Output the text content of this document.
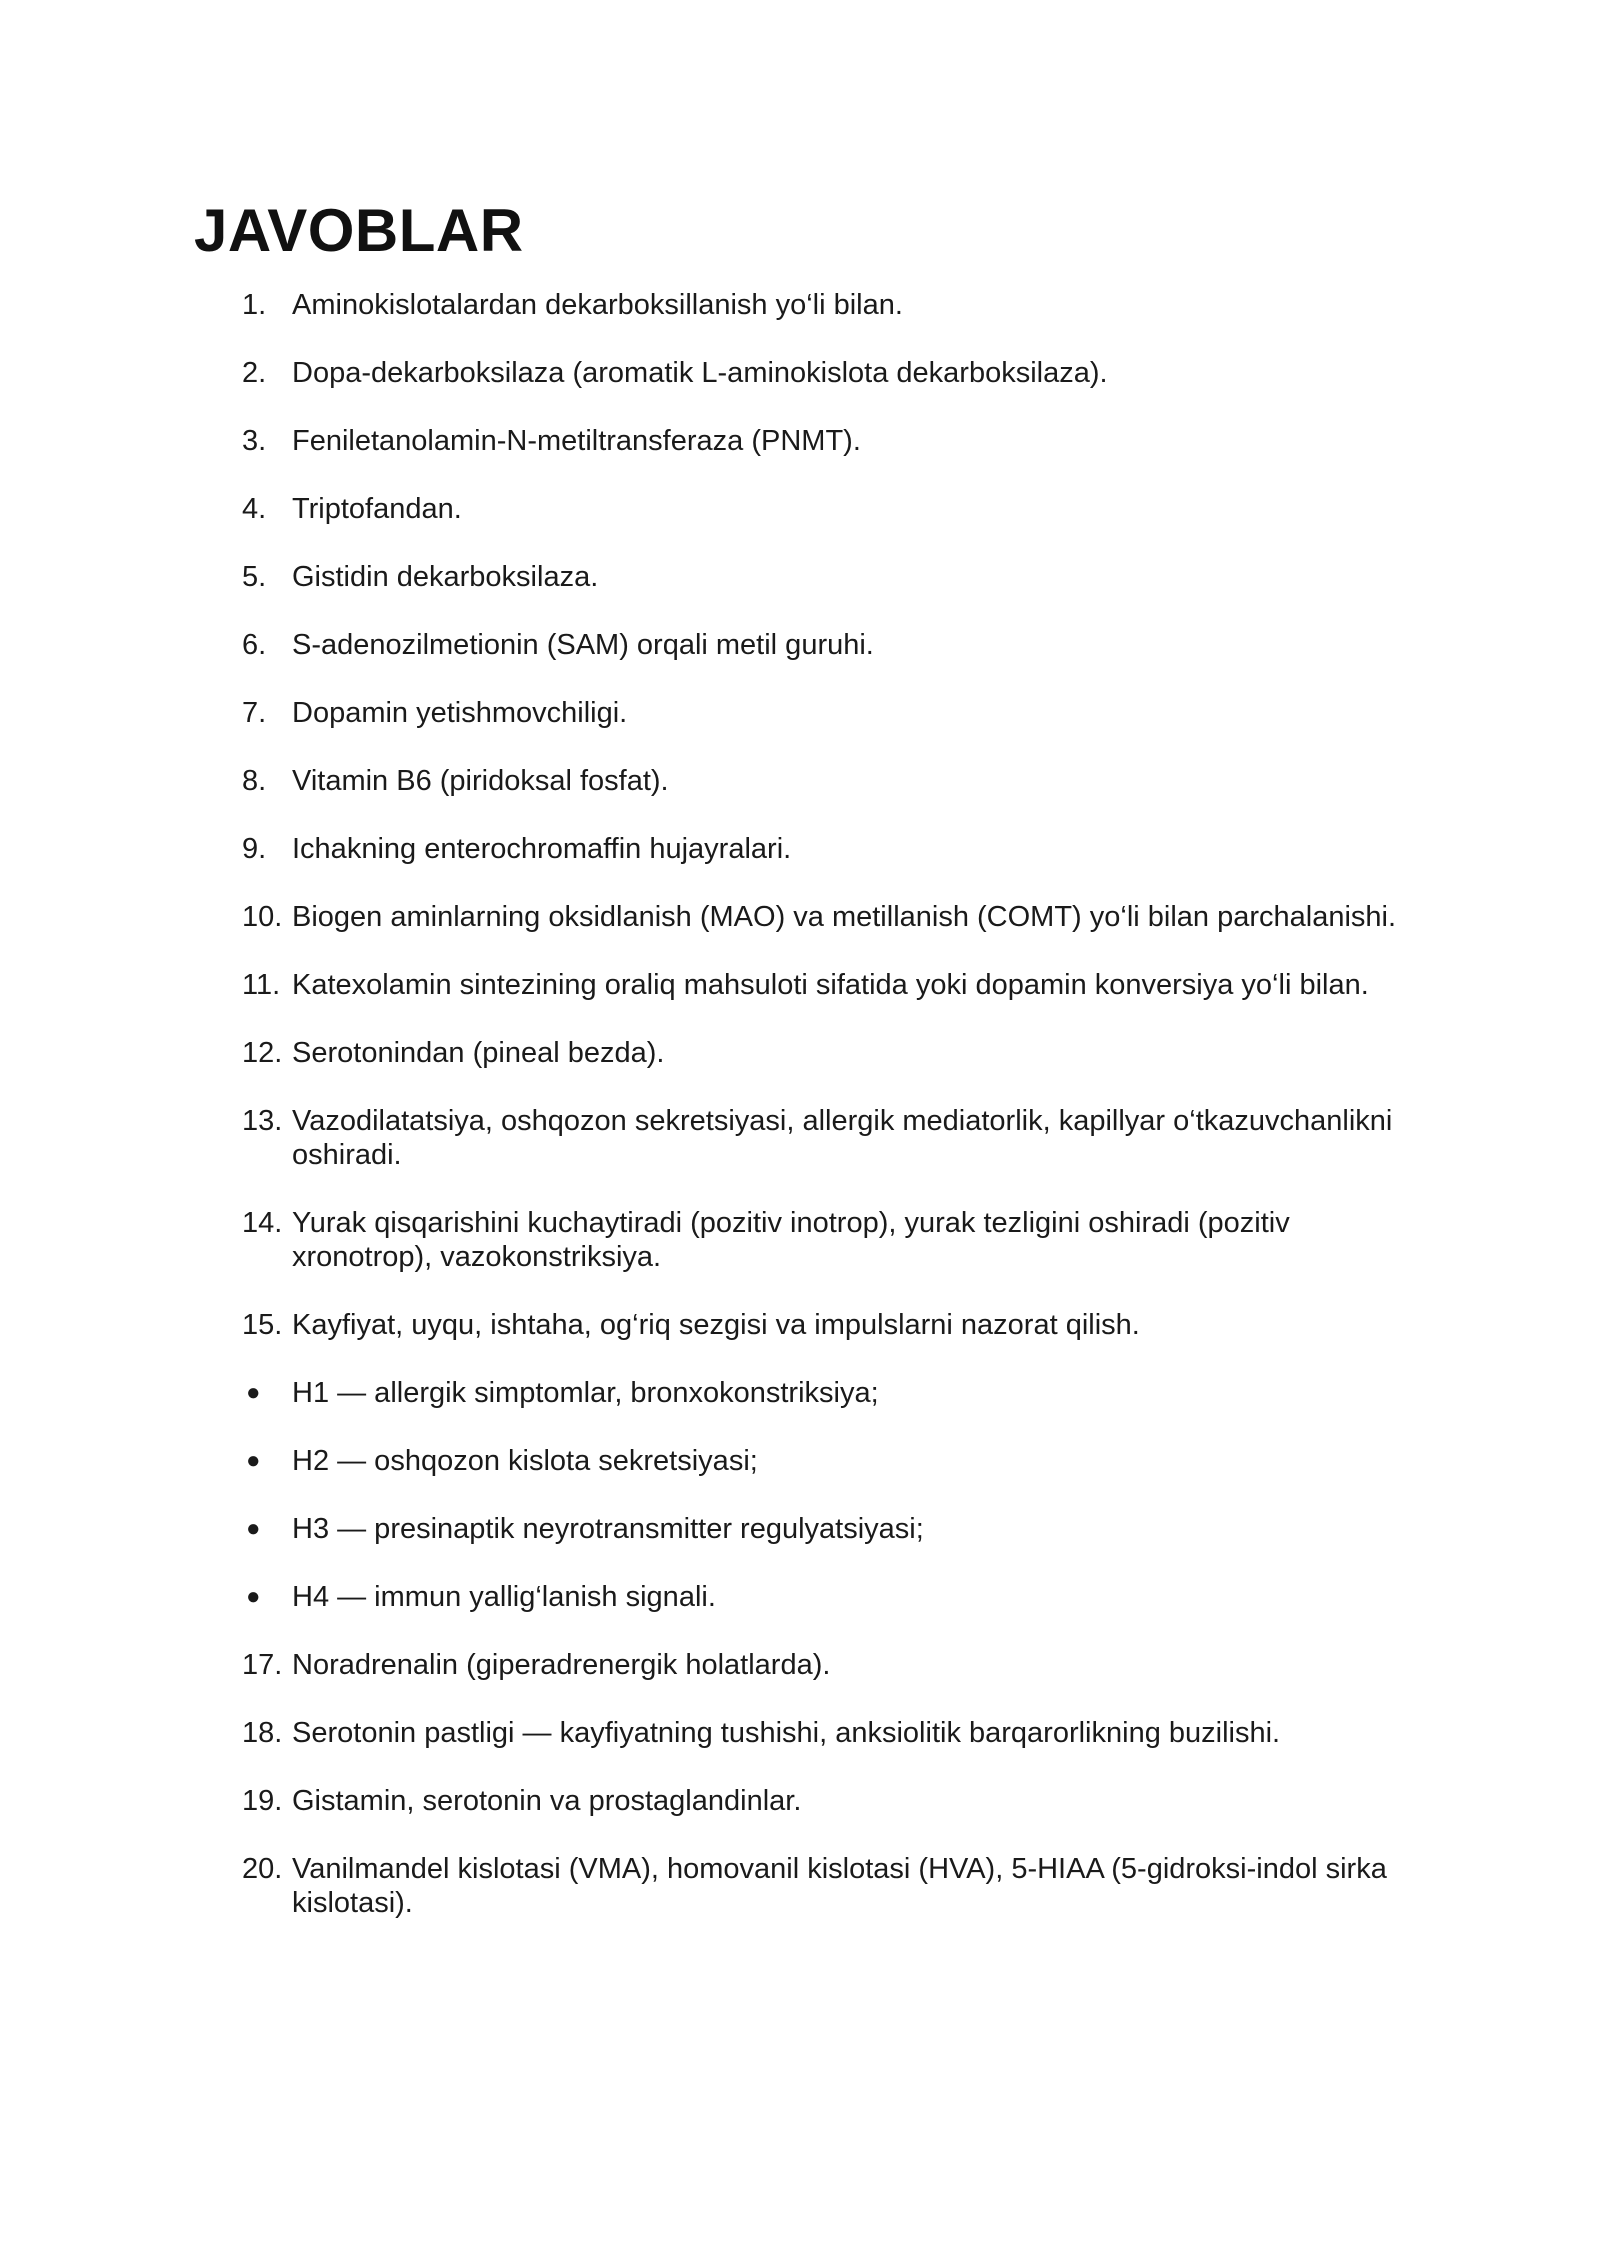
JAVOBLAR
1. Aminokislotalardan dekarboksillanish yo‘li bilan.
2. Dopa-dekarboksilaza (aromatik L-aminokislota dekarboksilaza).
3. Feniletanolamin-N-metiltransferaza (PNMT).
4. Triptofandan.
5. Gistidin dekarboksilaza.
6. S-adenozilmetionin (SAM) orqali metil guruhi.
7. Dopamin yetishmovchiligi.
8. Vitamin B6 (piridoksal fosfat).
9. Ichakning enterochromaffin hujayralari.
10. Biogen aminlarning oksidlanish (MAO) va metillanish (COMT) yo‘li bilan parchalanishi.
11. Katexolamin sintezining oraliq mahsuloti sifatida yoki dopamin konversiya yo‘li bilan.
12. Serotonindan (pineal bezda).
13. Vazodilatatsiya, oshqozon sekretsiyasi, allergik mediatorlik, kapillyar o‘tkazuvchanlikni oshiradi.
14. Yurak qisqarishini kuchaytiradi (pozitiv inotrop), yurak tezligini oshiradi (pozitiv xronotrop), vazokonstriksiya.
15. Kayfiyat, uyqu, ishtaha, og‘riq sezgisi va impulslarni nazorat qilish.
● H1 — allergik simptomlar, bronxokonstriksiya;
● H2 — oshqozon kislota sekretsiyasi;
● H3 — presinaptik neyrotransmitter regulyatsiyasi;
● H4 — immun yallig‘lanish signali.
17. Noradrenalin (giperadrenergik holatlarda).
18. Serotonin pastligi — kayfiyatning tushishi, anksiolitik barqarorlikning buzilishi.
19. Gistamin, serotonin va prostaglandinlar.
20. Vanilmandel kislotasi (VMA), homovanil kislotasi (HVA), 5-HIAA (5-gidroksi-indol sirka kislotasi).
